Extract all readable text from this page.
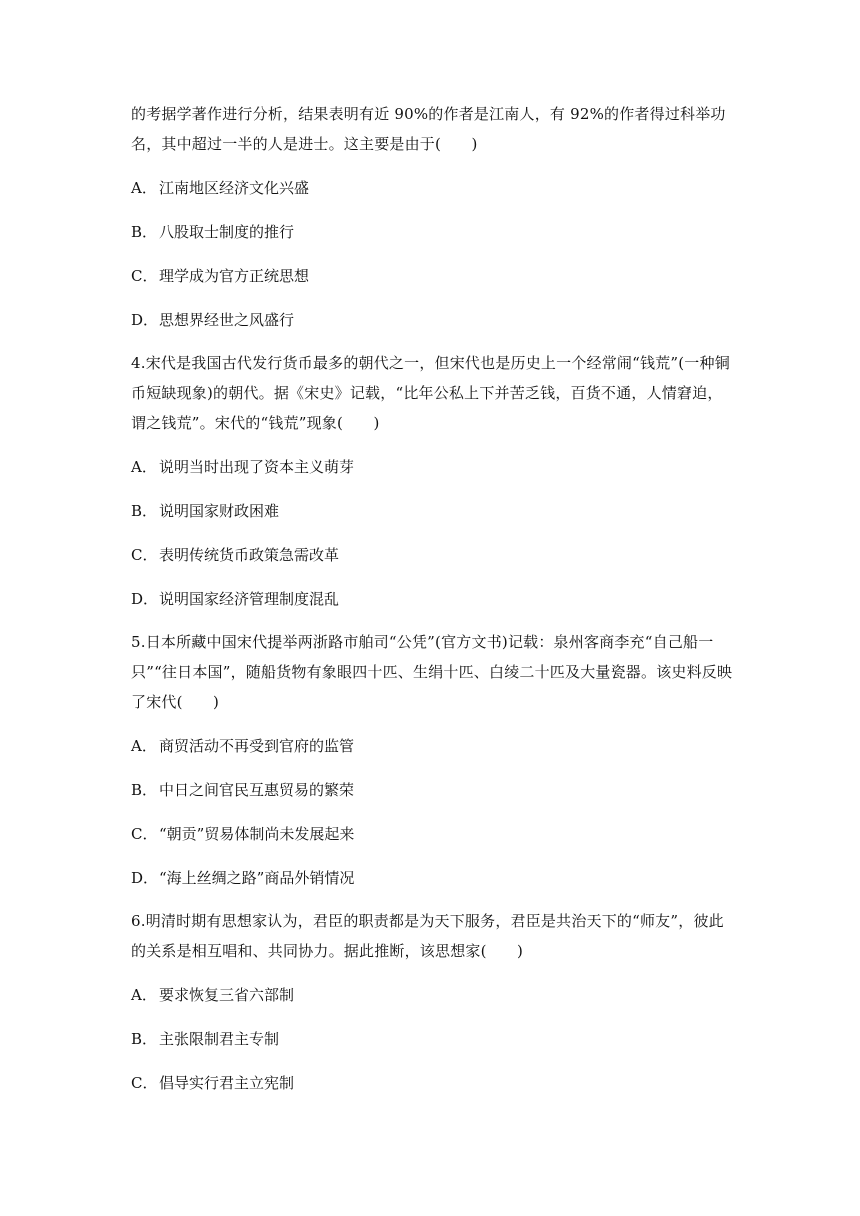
的考据学著作进行分析，结果表明有近 90%的作者是江南人，有 92%的作者得过科举功
名，其中超过一半的人是进士。这主要是由于(　　)
A． 江南地区经济文化兴盛
B． 八股取士制度的推行
C． 理学成为官方正统思想
D．思想界经世之风盛行
4.宋代是我国古代发行货币最多的朝代之一，但宋代也是历史上一个经常闹“钱荒”(一种铜
币短缺现象)的朝代。据《宋史》记载，“比年公私上下并苦乏钱，百货不通，人情窘迫，
谓之钱荒”。宋代的“钱荒”现象(　　)
A． 说明当时出现了资本主义萌芽
B． 说明国家财政困难
C． 表明传统货币政策急需改革
D．说明国家经济管理制度混乱
5.日本所藏中国宋代提举两浙路市舶司“公凭”(官方文书)记载：泉州客商李充“自己船一
只”“往日本国”，随船货物有象眼四十匹、生绢十匹、白绫二十匹及大量瓷器。该史料反映
了宋代(　　)
A． 商贸活动不再受到官府的监管
B． 中日之间官民互惠贸易的繁荣
C． “朝贡”贸易体制尚未发展起来
D．“海上丝绸之路”商品外销情况
6.明清时期有思想家认为，君臣的职责都是为天下服务，君臣是共治天下的“师友”，彼此
的关系是相互唱和、共同协力。据此推断，该思想家(　　)
A． 要求恢复三省六部制
B． 主张限制君主专制
C． 倡导实行君主立宪制
